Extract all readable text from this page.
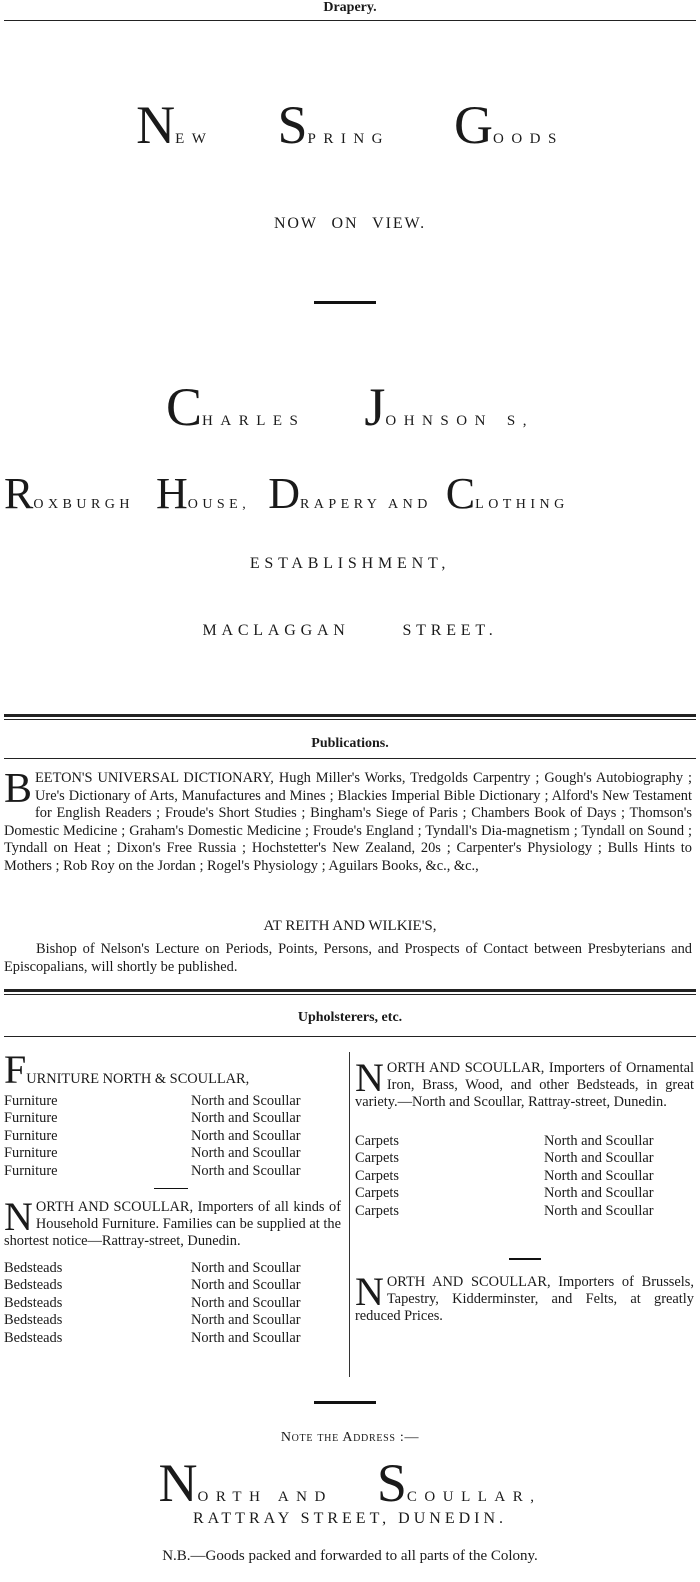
Drapery.
NEW SPRING GOODS
NOW ON VIEW.
CHARLES JOHNSON S,
ROXBURGH HOUSE, DRAPERY AND CLOTHING
ESTABLISHMENT,
MACLAGGAN      STREET.
Publications.
BEETON'S UNIVERSAL DICTIONARY, Hugh Miller's Works, Tredgolds Carpentry ; Gough's Autobiography ; Ure's Dictionary of Arts, Manufactures and Mines ; Blackies Imperial Bible Dictionary ; Alford's New Testament for English Readers ; Froude's Short Studies ; Bingham's Siege of Paris ; Chambers Book of Days ; Thomson's Domestic Medicine ; Graham's Domestic Medicine ; Froude's England ; Tyndall's Dia-magnetism ; Tyndall on Sound ; Tyndall on Heat ; Dixon's Free Russia ; Hochstetter's New Zealand, 20s ; Carpenter's Physiology ; Bulls Hints to Mothers ; Rob Roy on the Jordan ; Rogel's Physiology ; Aguilars Books, &c., &c.,
AT REITH AND WILKIE'S,
Bishop of Nelson's Lecture on Periods, Points, Persons, and Prospects of Contact between Presbyterians and Episcopalians, will shortly be published.
Upholsterers, etc.
FURNITURE NORTH & SCOULLAR,
Furniture	North and Scoullar
Furniture	North and Scoullar
Furniture	North and Scoullar
Furniture	North and Scoullar
Furniture	North and Scoullar
NORTH AND SCOULLAR, Importers of all kinds of Household Furniture. Families can be supplied at the shortest notice—Rattray-street, Dunedin.
Bedsteads	North and Scoullar
Bedsteads	North and Scoullar
Bedsteads	North and Scoullar
Bedsteads	North and Scoullar
Bedsteads	North and Scoullar
NORTH AND SCOULLAR, Importers of Ornamental Iron, Brass, Wood, and other Bedsteads, in great variety.—North and Scoullar, Rattray-street, Dunedin.
Carpets	North and Scoullar
Carpets	North and Scoullar
Carpets	North and Scoullar
Carpets	North and Scoullar
Carpets	North and Scoullar
NORTH AND SCOULLAR, Importers of Brussels, Tapestry, Kidderminster, and Felts, at greatly reduced Prices.
Note the Address :—
NORTH AND SCOULLAR,
RATTRAY STREET, DUNEDIN.
N.B.—Goods packed and forwarded to all parts of the Colony.
